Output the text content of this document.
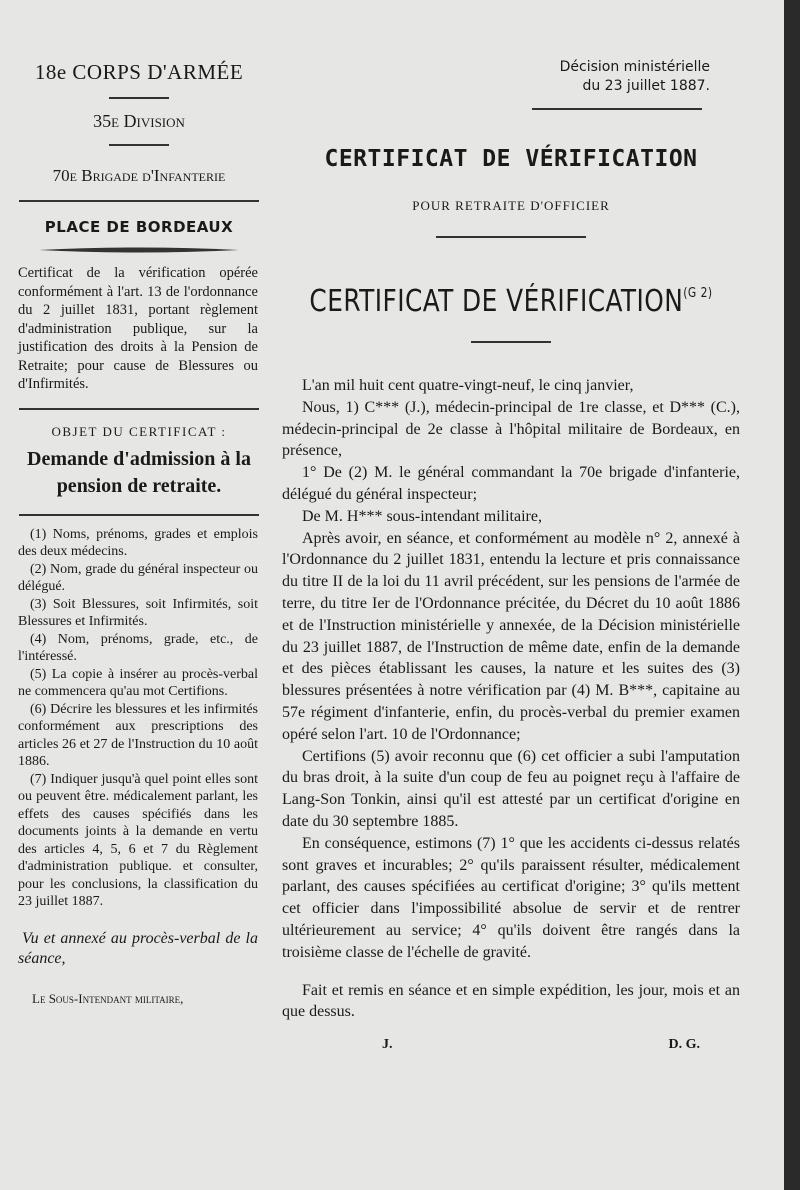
18e CORPS D'ARMÉE
35e Division
70e Brigade d'Infanterie
PLACE DE BORDEAUX
Certificat de la vérification opérée conformément à l'art. 13 de l'ordonnance du 2 juillet 1831, portant règlement d'administration publique, sur la justification des droits à la Pension de Retraite; pour cause de Blessures ou d'Infirmités.
OBJET DU CERTIFICAT :
Demande d'admission à la pension de retraite.
(1) Noms, prénoms, grades et emplois des deux médecins.
(2) Nom, grade du général inspecteur ou délégué.
(3) Soit Blessures, soit Infirmités, soit Blessures et Infirmités.
(4) Nom, prénoms, grade, etc., de l'intéressé.
(5) La copie à insérer au procès-verbal ne commencera qu'au mot Certifions.
(6) Décrire les blessures et les infirmités conformément aux prescriptions des articles 26 et 27 de l'Instruction du 10 août 1886.
(7) Indiquer jusqu'à quel point elles sont ou peuvent être. médicalement parlant, les effets des causes spécifiés dans les documents joints à la demande en vertu des articles 4, 5, 6 et 7 du Règlement d'administration publique. et consulter, pour les conclusions, la classification du 23 juillet 1887.
Vu et annexé au procès-verbal de la séance,
Le Sous-Intendant militaire,
Décision ministérielle
du 23 juillet 1887.
CERTIFICAT DE VÉRIFICATION
POUR RETRAITE D'OFFICIER
CERTIFICAT DE $VÉRIFICATION^{(G 2)}$

L'an mil huit cent quatre-vingt-neuf, le cinq janvier,

Nous, 1) C*** (J.), médecin-principal de 1re classe, et D*** (C.), médecin-principal de 2e classe à l'hôpital militaire de Bordeaux, en présence,

1° De (2) M. le général commandant la 70e brigade d'infanterie, délégué du général inspecteur;

De M. H*** sous-intendant militaire,

Après avoir, en séance, et conformément au modèle n° 2, annexé à l'Ordonnance du 2 juillet 1831, entendu la lecture et pris connaissance du titre II de la loi du 11 avril précédent, sur les pensions de l'armée de terre, du titre Ier de l'Ordonnance précitée, du Décret du 10 août 1886 et de l'Instruction ministérielle y annexée, de la Décision ministérielle du 23 juillet 1887, de l'Instruction de même date, enfin de la demande et des pièces établissant les causes, la nature et les suites des (3) blessures présentées à notre vérification par (4) M. B***, capitaine au 57e régiment d'infanterie, enfin, du procès-verbal du premier examen opéré selon l'art. 10 de l'Ordonnance;

Certifions (5) avoir reconnu que (6) cet officier a subi l'amputation du bras droit, à la suite d'un coup de feu au poignet reçu à l'affaire de Lang-Son Tonkin, ainsi qu'il est attesté par un certificat d'origine en date du 30 septembre 1885.

En conséquence, estimons (7) 1° que les accidents ci-dessus relatés sont graves et incurables; 2° qu'ils paraissent résulter, médicalement parlant, des causes spécifiées au certificat d'origine; 3° qu'ils mettent cet officier dans l'impossibilité absolue de servir et de rentrer ultérieurement au service; 4° qu'ils doivent être rangés dans la troisième classe de l'échelle de gravité.

Fait et remis en séance et en simple expédition, les jour, mois et an que dessus.

J.	D. G.
